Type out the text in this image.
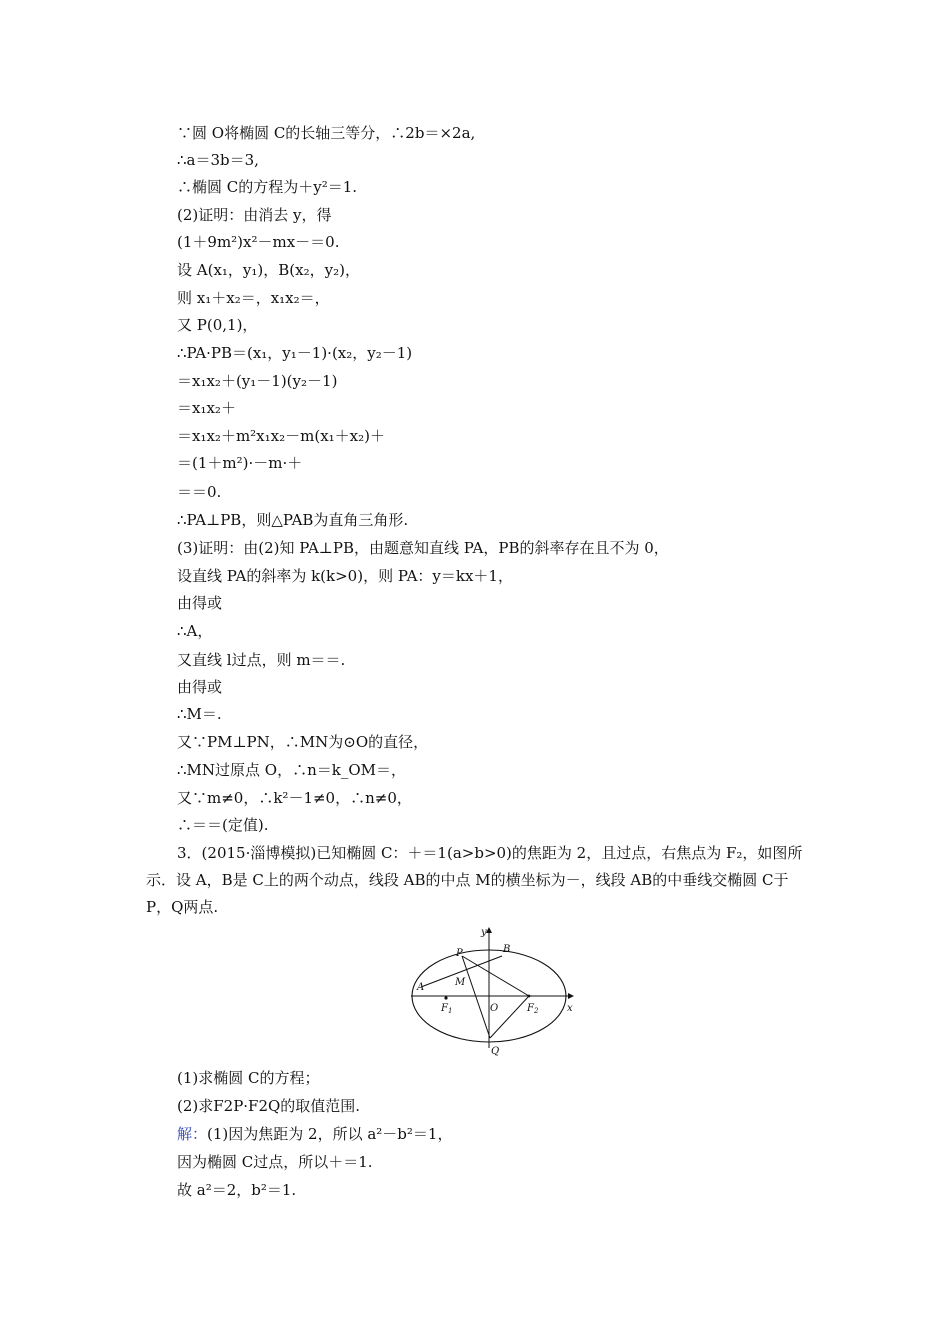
∵圆 O将椭圆 C的长轴三等分，∴2b＝×2a,
∴a＝3b＝3,
∴椭圆 C的方程为＋y²＝1.
(2)证明：由消去 y，得
(1＋9m²)x²－mx－＝0.
设 A(x₁，y₁)，B(x₂，y₂)，
则 x₁＋x₂＝，x₁x₂＝，
又 P(0,1)，
∴PA·PB＝(x₁，y₁－1)·(x₂，y₂－1)
＝x₁x₂＋(y₁－1)(y₂－1)
＝x₁x₂＋
＝x₁x₂＋m²x₁x₂－m(x₁＋x₂)＋
＝(1＋m²)·－m·＋
＝＝0.
∴PA⊥PB，则△PAB为直角三角形.
(3)证明：由(2)知 PA⊥PB，由题意知直线 PA，PB的斜率存在且不为 0，
设直线 PA的斜率为 k(k>0)，则 PA：y＝kx＋1，
由得或
∴A，
又直线 l过点，则 m＝＝.
由得或
∴M＝.
又∵PM⊥PN，∴MN为⊙O的直径，
∴MN过原点 O，∴n＝k_OM＝，
又∵m≠0，∴k²－1≠0，∴n≠0，
∴＝＝(定值).
3．(2015·淄博模拟)已知椭圆 C：＋＝1(a>b>0)的焦距为 2，且过点，右焦点为 F₂，如图所示．设 A，B是 C上的两个动点，线段 AB的中点 M的横坐标为－，线段 AB的中垂线交椭圆 C于 P，Q两点.
y
x
P	B
A	M
$F_1$	O	$F_2$
Q
(1)求椭圆 C的方程；
(2)求F2P·F2Q的取值范围.
解：(1)因为焦距为 2，所以 a²－b²＝1，
因为椭圆 C过点，所以＋＝1.
故 a²＝2，b²＝1.
